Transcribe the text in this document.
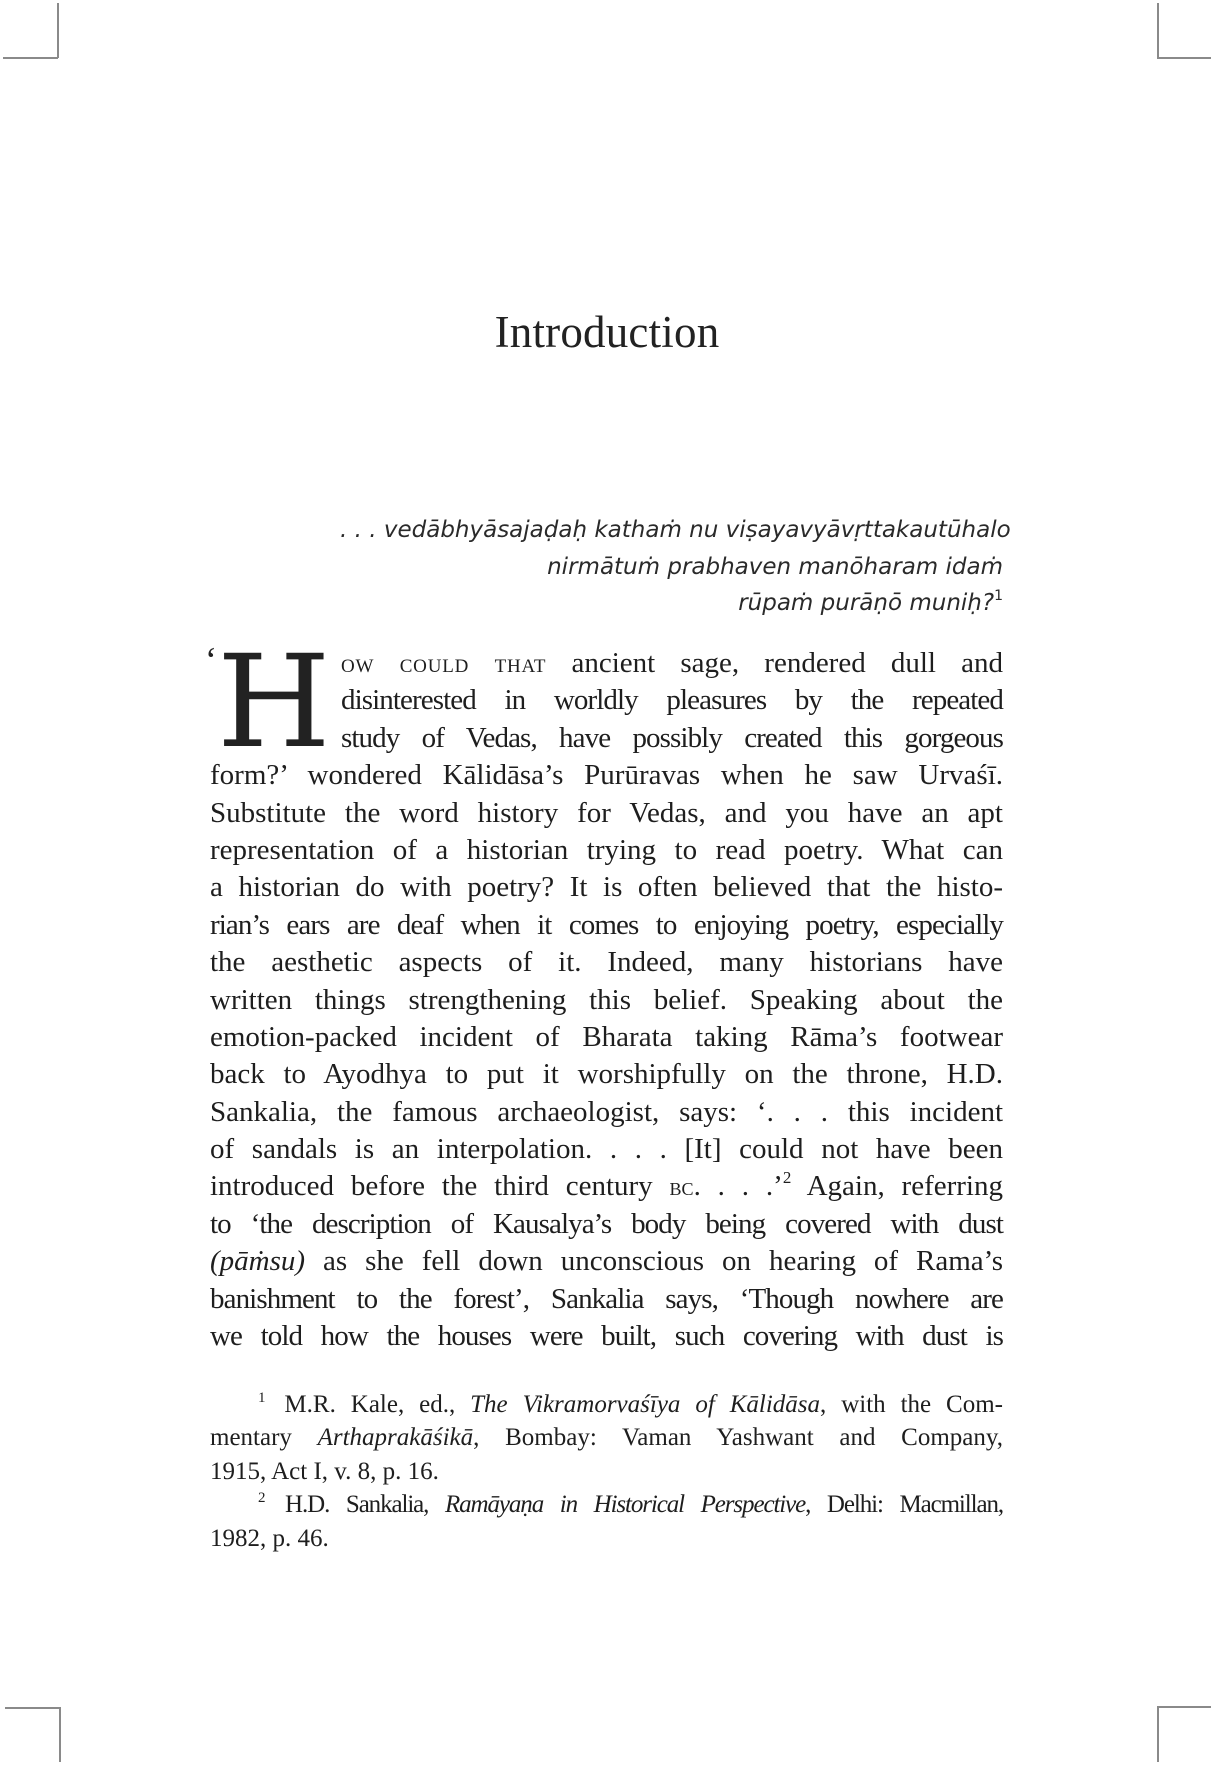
Introduction
. . . vedābhyāsajaḍaḥ kathaṁ nu viṣayavyāvṛttakautūhalo
nirmātuṁ prabhaven manōharam idaṁ
rūpaṁ purāṇō muniḥ?$^1$
‘ H ow could that ancient sage, rendered dull and
disinterested in worldly pleasures by the repeated
study of Vedas, have possibly created this gorgeous
form?’ wondered Kālidāsa’s Purūravas when he saw Urvaśī.
Substitute the word history for Vedas, and you have an apt
representation of a historian trying to read poetry. What can
a historian do with poetry? It is often believed that the histo-
rian’s ears are deaf when it comes to enjoying poetry, especially
the aesthetic aspects of it. Indeed, many historians have
written things strengthening this belief. Speaking about the
emotion-packed incident of Bharata taking Rāma’s footwear
back to Ayodhya to put it worshipfully on the throne, H.D.
Sankalia, the famous archaeologist, says: ‘. . . this incident
of sandals is an interpolation. . . . [It] could not have been
introduced before the third century bc. . . .’$^2$ Again, referring
to ‘the description of Kausalya’s body being covered with dust
(pāṁsu) as she fell down unconscious on hearing of Rama’s
banishment to the forest’, Sankalia says, ‘Though nowhere are
we told how the houses were built, such covering with dust is
$^1$ M.R. Kale, ed., The Vikramorvaśīya of Kālidāsa, with the Com-
mentary Arthaprakāśikā, Bombay: Vaman Yashwant and Company,
1915, Act I, v. 8, p. 16.
$^2$ H.D. Sankalia, Ramāyaṇa in Historical Perspective, Delhi: Macmillan,
1982, p. 46.
